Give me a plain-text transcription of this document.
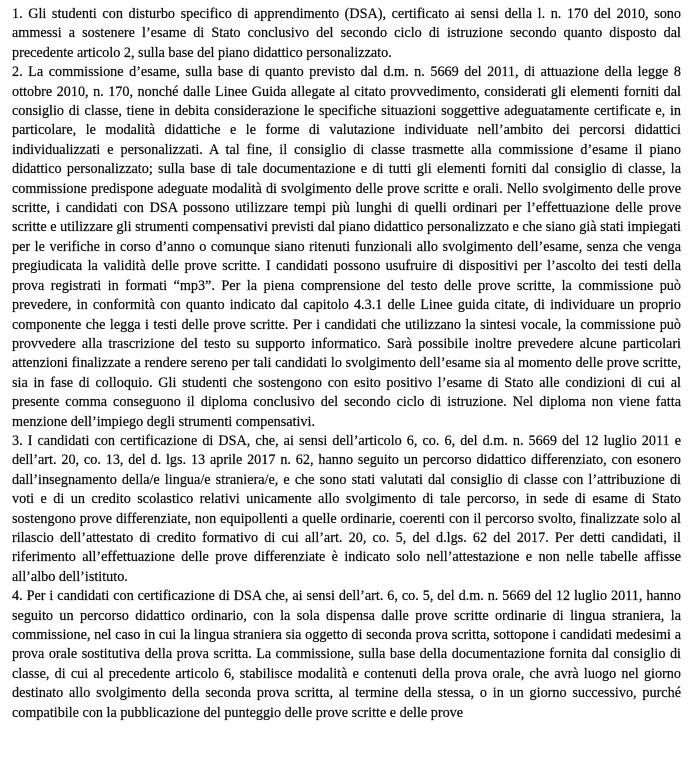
1. Gli studenti con disturbo specifico di apprendimento (DSA), certificato ai sensi della l. n. 170 del 2010, sono ammessi a sostenere l’esame di Stato conclusivo del secondo ciclo di istruzione secondo quanto disposto dal precedente articolo 2, sulla base del piano didattico personalizzato.

2. La commissione d’esame, sulla base di quanto previsto dal d.m. n. 5669 del 2011, di attuazione della legge 8 ottobre 2010, n. 170, nonché dalle Linee Guida allegate al citato provvedimento, considerati gli elementi forniti dal consiglio di classe, tiene in debita considerazione le specifiche situazioni soggettive adeguatamente certificate e, in particolare, le modalità didattiche e le forme di valutazione individuate nell’ambito dei percorsi didattici individualizzati e personalizzati. A tal fine, il consiglio di classe trasmette alla commissione d’esame il piano didattico personalizzato; sulla base di tale documentazione e di tutti gli elementi forniti dal consiglio di classe, la commissione predispone adeguate modalità di svolgimento delle prove scritte e orali. Nello svolgimento delle prove scritte, i candidati con DSA possono utilizzare tempi più lunghi di quelli ordinari per l’effettuazione delle prove scritte e utilizzare gli strumenti compensativi previsti dal piano didattico personalizzato e che siano già stati impiegati per le verifiche in corso d’anno o comunque siano ritenuti funzionali allo svolgimento dell’esame, senza che venga pregiudicata la validità delle prove scritte. I candidati possono usufruire di dispositivi per l’ascolto dei testi della prova registrati in formati “mp3”. Per la piena comprensione del testo delle prove scritte, la commissione può prevedere, in conformità con quanto indicato dal capitolo 4.3.1 delle Linee guida citate, di individuare un proprio componente che legga i testi delle prove scritte. Per i candidati che utilizzano la sintesi vocale, la commissione può provvedere alla trascrizione del testo su supporto informatico. Sarà possibile inoltre prevedere alcune particolari attenzioni finalizzate a rendere sereno per tali candidati lo svolgimento dell’esame sia al momento delle prove scritte, sia in fase di colloquio. Gli studenti che sostengono con esito positivo l’esame di Stato alle condizioni di cui al presente comma conseguono il diploma conclusivo del secondo ciclo di istruzione. Nel diploma non viene fatta menzione dell’impiego degli strumenti compensativi.

3. I candidati con certificazione di DSA, che, ai sensi dell’articolo 6, co. 6, del d.m. n. 5669 del 12 luglio 2011 e dell’art. 20, co. 13, del d. lgs. 13 aprile 2017 n. 62, hanno seguito un percorso didattico differenziato, con esonero dall’insegnamento della/e lingua/e straniera/e, e che sono stati valutati dal consiglio di classe con l’attribuzione di voti e di un credito scolastico relativi unicamente allo svolgimento di tale percorso, in sede di esame di Stato sostengono prove differenziate, non equipollenti a quelle ordinarie, coerenti con il percorso svolto, finalizzate solo al rilascio dell’attestato di credito formativo di cui all’art. 20, co. 5, del d.lgs. 62 del 2017. Per detti candidati, il riferimento all’effettuazione delle prove differenziate è indicato solo nell’attestazione e non nelle tabelle affisse all’albo dell’istituto.

4. Per i candidati con certificazione di DSA che, ai sensi dell’art. 6, co. 5, del d.m. n. 5669 del 12 luglio 2011, hanno seguito un percorso didattico ordinario, con la sola dispensa dalle prove scritte ordinarie di lingua straniera, la commissione, nel caso in cui la lingua straniera sia oggetto di seconda prova scritta, sottopone i candidati medesimi a prova orale sostitutiva della prova scritta. La commissione, sulla base della documentazione fornita dal consiglio di classe, di cui al precedente articolo 6, stabilisce modalità e contenuti della prova orale, che avrà luogo nel giorno destinato allo svolgimento della seconda prova scritta, al termine della stessa, o in un giorno successivo, purché compatibile con la pubblicazione del punteggio delle prove scritte e delle prove
